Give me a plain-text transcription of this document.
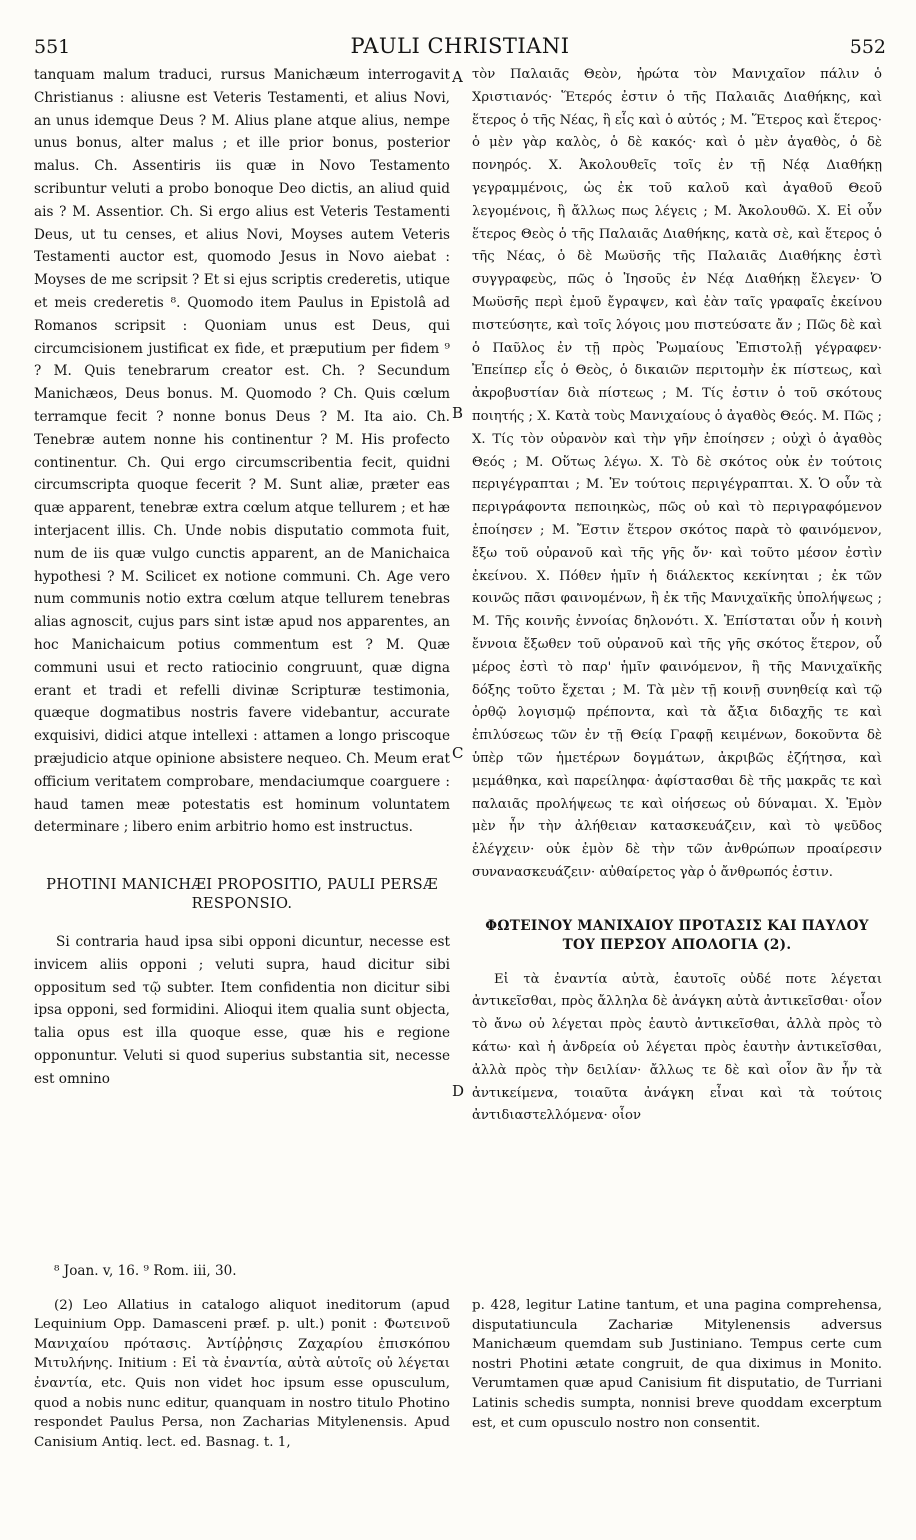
551	PAULI CHRISTIANI	552
A
B
C
D

tanquam malum traduci, rursus Manichæum interrogavit Christianus : aliusne est Veteris Testamenti, et alius Novi, an unus idemque Deus ? M. Alius plane atque alius, nempe unus bonus, alter malus ; et ille prior bonus, posterior malus. Ch. Assentiris iis quæ in Novo Testamento scribuntur veluti a probo bonoque Deo dictis, an aliud quid ais ? M. Assentior. Ch. Si ergo alius est Veteris Testamenti Deus, ut tu censes, et alius Novi, Moyses autem Veteris Testamenti auctor est, quomodo Jesus in Novo aiebat : Moyses de me scripsit ? Et si ejus scriptis crederetis, utique et meis crederetis ⁸. Quomodo item Paulus in Epistolâ ad Romanos scripsit : Quoniam unus est Deus, qui circumcisionem justificat ex fide, et præputium per fidem ⁹ ? M. Quis tenebrarum creator est. Ch. ? Secundum Manichæos, Deus bonus. M. Quomodo ? Ch. Quis cœlum terramque fecit ? nonne bonus Deus ? M. Ita aio. Ch. Tenebræ autem nonne his continentur ? M. His profecto continentur. Ch. Qui ergo circumscribentia fecit, quidni circumscripta quoque fecerit ? M. Sunt aliæ, præter eas quæ apparent, tenebræ extra cœlum atque tellurem ; et hæ interjacent illis. Ch. Unde nobis disputatio commota fuit, num de iis quæ vulgo cunctis apparent, an de Manichaica hypothesi ? M. Scilicet ex notione communi. Ch. Age vero num communis notio extra cœlum atque tellurem tenebras alias agnoscit, cujus pars sint istæ apud nos apparentes, an hoc Manichaicum potius commentum est ? M. Quæ communi usui et recto ratiocinio congruunt, quæ digna erant et tradi et refelli divinæ Scripturæ testimonia, quæque dogmatibus nostris favere videbantur, accurate exquisivi, didici atque intellexi : attamen a longo priscoque præjudicio atque opinione absistere nequeo. Ch. Meum erat officium veritatem comprobare, mendaciumque coarguere : haud tamen meæ potestatis est hominum voluntatem determinare ; libero enim arbitrio homo est instructus.

PHOTINI MANICHÆI PROPOSITIO, PAULI PERSÆ RESPONSIO.

Si contraria haud ipsa sibi opponi dicuntur, necesse est invicem aliis opponi ; veluti supra, haud dicitur sibi oppositum sed τῷ subter. Item confidentia non dicitur sibi ipsa opponi, sed formidini. Alioqui item qualia sunt objecta, talia opus est illa quoque esse, quæ his e regione opponuntur. Veluti si quod superius substantia sit, necesse est omnino

τὸν Παλαιᾶς Θεὸν, ἠρώτα τὸν Μανιχαῖον πάλιν ὁ Χριστιανός· Ἕτερός ἐστιν ὁ τῆς Παλαιᾶς Διαθήκης, καὶ ἕτερος ὁ τῆς Νέας, ἢ εἷς καὶ ὁ αὐτός ; Μ. Ἕτερος καὶ ἕτερος· ὁ μὲν γὰρ καλὸς, ὁ δὲ κακός· καὶ ὁ μὲν ἀγαθὸς, ὁ δὲ πονηρός. Χ. Ἀκολουθεῖς τοῖς ἐν τῇ Νέᾳ Διαθήκῃ γεγραμμένοις, ὡς ἐκ τοῦ καλοῦ καὶ ἀγαθοῦ Θεοῦ λεγομένοις, ἢ ἄλλως πως λέγεις ; Μ. Ἀκολουθῶ. Χ. Εἰ οὖν ἕτερος Θεὸς ὁ τῆς Παλαιᾶς Διαθήκης, κατὰ σὲ, καὶ ἕτερος ὁ τῆς Νέας, ὁ δὲ Μωϋσῆς τῆς Παλαιᾶς Διαθήκης ἐστὶ συγγραφεὺς, πῶς ὁ Ἰησοῦς ἐν Νέᾳ Διαθήκῃ ἔλεγεν· Ὁ Μωϋσῆς περὶ ἐμοῦ ἔγραψεν, καὶ ἐὰν ταῖς γραφαῖς ἐκείνου πιστεύσητε, καὶ τοῖς λόγοις μου πιστεύσατε ἄν ; Πῶς δὲ καὶ ὁ Παῦλος ἐν τῇ πρὸς Ῥωμαίους Ἐπιστολῇ γέγραφεν· Ἐπείπερ εἷς ὁ Θεὸς, ὁ δικαιῶν περιτομὴν ἐκ πίστεως, καὶ ἀκροβυστίαν διὰ πίστεως ; Μ. Τίς ἐστιν ὁ τοῦ σκότους ποιητής ; Χ. Κατὰ τοὺς Μανιχαίους ὁ ἀγαθὸς Θεός. Μ. Πῶς ; Χ. Τίς τὸν οὐρανὸν καὶ τὴν γῆν ἐποίησεν ; οὐχὶ ὁ ἀγαθὸς Θεός ; Μ. Οὕτως λέγω. Χ. Τὸ δὲ σκότος οὐκ ἐν τούτοις περιγέγραπται ; Μ. Ἐν τούτοις περιγέγραπται. Χ. Ὁ οὖν τὰ περιγράφοντα πεποιηκὼς, πῶς οὐ καὶ τὸ περιγραφόμενον ἐποίησεν ; Μ. Ἔστιν ἕτερον σκότος παρὰ τὸ φαινόμενον, ἔξω τοῦ οὐρανοῦ καὶ τῆς γῆς ὄν· καὶ τοῦτο μέσον ἐστὶν ἐκείνου. Χ. Πόθεν ἡμῖν ἡ διάλεκτος κεκίνηται ; ἐκ τῶν κοινῶς πᾶσι φαινομένων, ἢ ἐκ τῆς Μανιχαϊκῆς ὑπολήψεως ; Μ. Τῆς κοινῆς ἐννοίας δηλονότι. Χ. Ἐπίσταται οὖν ἡ κοινὴ ἔννοια ἔξωθεν τοῦ οὐρανοῦ καὶ τῆς γῆς σκότος ἕτερον, οὗ μέρος ἐστὶ τὸ παρ' ἡμῖν φαινόμενον, ἢ τῆς Μανιχαϊκῆς δόξης τοῦτο ἔχεται ; Μ. Τὰ μὲν τῇ κοινῇ συνηθείᾳ καὶ τῷ ὀρθῷ λογισμῷ πρέποντα, καὶ τὰ ἄξια διδαχῆς τε καὶ ἐπιλύσεως τῶν ἐν τῇ Θείᾳ Γραφῇ κειμένων, δοκοῦντα δὲ ὑπὲρ τῶν ἡμετέρων δογμάτων, ἀκριβῶς ἐζήτησα, καὶ μεμάθηκα, καὶ παρείληφα· ἀφίστασθαι δὲ τῆς μακρᾶς τε καὶ παλαιᾶς προλήψεως τε καὶ οἰήσεως οὐ δύναμαι. Χ. Ἐμὸν μὲν ἦν τὴν ἀλήθειαν κατασκευάζειν, καὶ τὸ ψεῦδος ἐλέγχειν· οὐκ ἐμὸν δὲ τὴν τῶν ἀνθρώπων προαίρεσιν συνανασκευάζειν· αὐθαίρετος γὰρ ὁ ἄνθρωπός ἐστιν.

ΦΩΤΕΙΝΟΥ ΜΑΝΙΧΑΙΟΥ ΠΡΟΤΑΣΙΣ ΚΑΙ ΠΑΥΛΟΥ ΤΟΥ ΠΕΡΣΟΥ ΑΠΟΛΟΓΙΑ (2).

Εἰ τὰ ἐναντία αὐτὰ, ἑαυτοῖς οὐδέ ποτε λέγεται ἀντικεῖσθαι, πρὸς ἄλληλα δὲ ἀνάγκη αὐτὰ ἀντικεῖσθαι· οἷον τὸ ἄνω οὐ λέγεται πρὸς ἑαυτὸ ἀντικεῖσθαι, ἀλλὰ πρὸς τὸ κάτω· καὶ ἡ ἀνδρεία οὐ λέγεται πρὸς ἑαυτὴν ἀντικεῖσθαι, ἀλλὰ πρὸς τὴν δειλίαν· ἄλλως τε δὲ καὶ οἷον ἂν ἦν τὰ ἀντικείμενα, τοιαῦτα ἀνάγκη εἶναι καὶ τὰ τούτοις ἀντιδιαστελλόμενα· οἷον

⁸ Joan. v, 16. ⁹ Rom. iii, 30.

(2) Leo Allatius in catalogo aliquot ineditorum (apud Lequinium Opp. Damasceni præf. p. ult.) ponit : Φωτεινοῦ Μανιχαίου πρότασις. Ἀντίῤῥησις Ζαχαρίου ἐπισκόπου Μιτυλήνης. Initium : Εἰ τὰ ἐναντία, αὐτὰ αὑτοῖς οὐ λέγεται ἐναντία, etc. Quis non videt hoc ipsum esse opusculum, quod a nobis nunc editur, quanquam in nostro titulo Photino respondet Paulus Persa, non Zacharias Mitylenensis. Apud Canisium Antiq. lect. ed. Basnag. t. 1,

p. 428, legitur Latine tantum, et una pagina comprehensa, disputatiuncula Zachariæ Mitylenensis adversus Manichæum quemdam sub Justiniano. Tempus certe cum nostri Photini ætate congruit, de qua diximus in Monito. Verumtamen quæ apud Canisium fit disputatio, de Turriani Latinis schedis sumpta, nonnisi breve quoddam excerptum est, et cum opusculo nostro non consentit.
